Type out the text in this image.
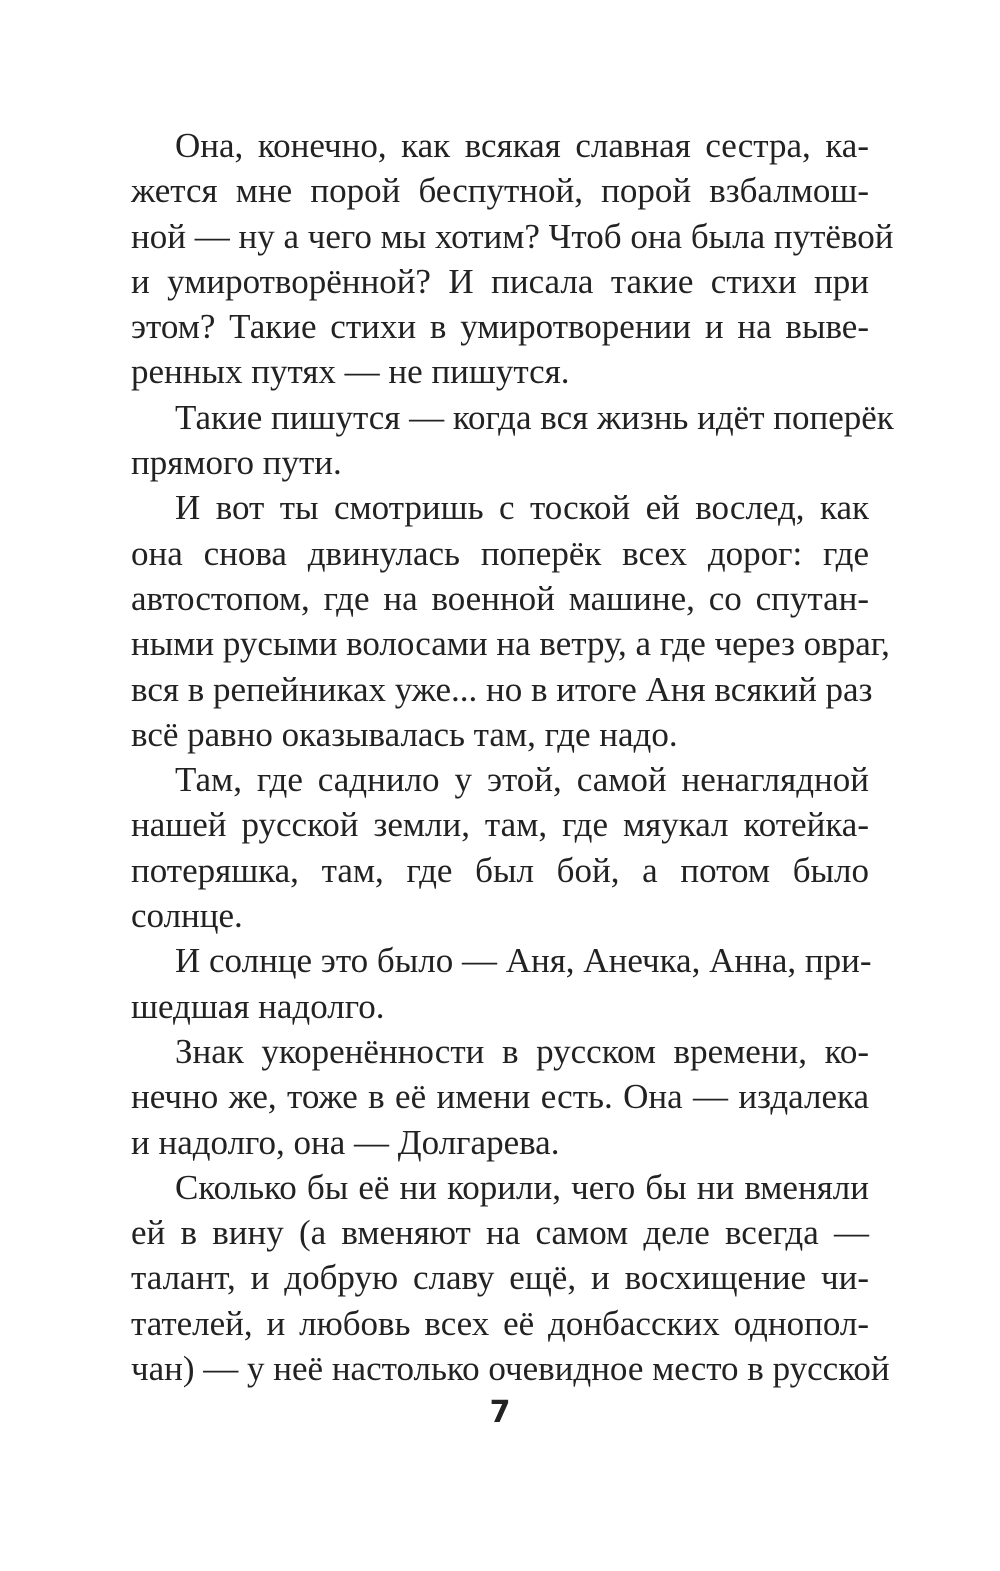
Она, конечно, как всякая славная сестра, ка-
жется мне порой беспутной, порой взбалмош-
ной — ну а чего мы хотим? Чтоб она была путёвой
и умиротворённой? И писала такие стихи при
этом? Такие стихи в умиротворении и на выве-
ренных путях — не пишутся.

Такие пишутся — когда вся жизнь идёт поперёк
прямого пути.

И вот ты смотришь с тоской ей вослед, как
она снова двинулась поперёк всех дорог: где
автостопом, где на военной машине, со спутан-
ными русыми волосами на ветру, а где через овраг,
вся в репейниках уже... но в итоге Аня всякий раз
всё равно оказывалась там, где надо.

Там, где саднило у этой, самой ненаглядной
нашей русской земли, там, где мяукал котейка-
потеряшка, там, где был бой, а потом было
солнце.

И солнце это было — Аня, Анечка, Анна, при-
шедшая надолго.

Знак укоренённости в русском времени, ко-
нечно же, тоже в её имени есть. Она — издалека
и надолго, она — Долгарева.

Сколько бы её ни корили, чего бы ни вменяли
ей в вину (а вменяют на самом деле всегда —
талант, и добрую славу ещё, и восхищение чи-
тателей, и любовь всех её донбасских однопол-
чан) — у неё настолько очевидное место в русской

7
